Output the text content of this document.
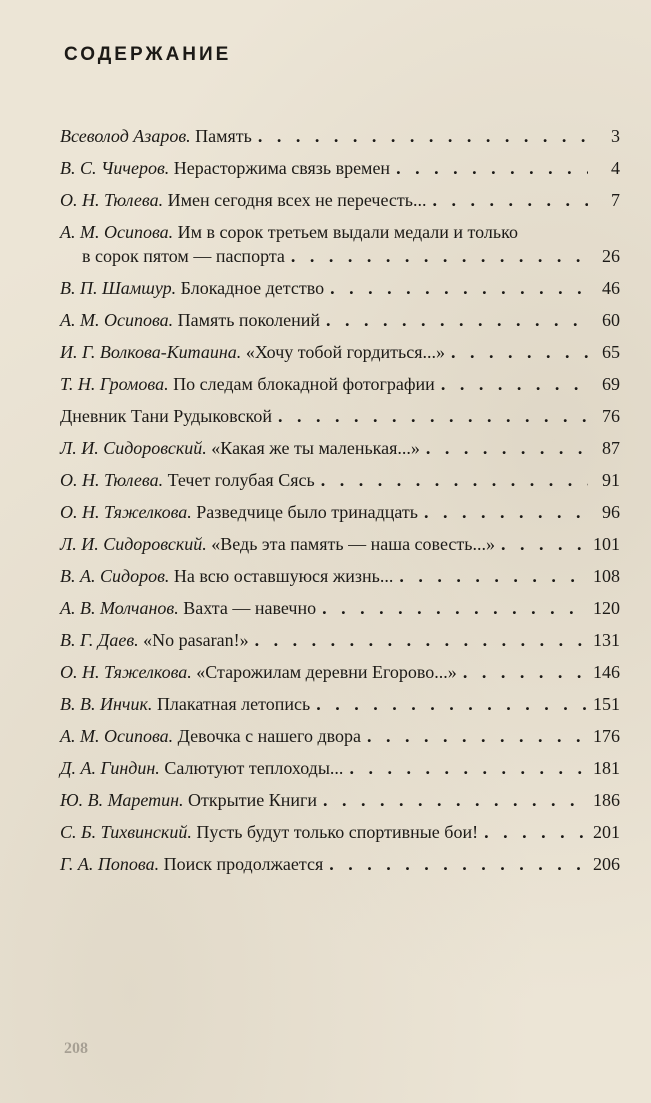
СОДЕРЖАНИЕ
Всеволод Азаров. Память . . .	3
В. С. Чичеров. Нерасторжима связь времен . . .	4
О. Н. Тюлева. Имен сегодня всех не перечесть... . . .	7
А. М. Осипова. Им в сорок третьем выдали медали и только
в сорок пятом — паспорта . . .	26
В. П. Шамшур. Блокадное детство . . .	46
А. М. Осипова. Память поколений . . .	60
И. Г. Волкова-Китаина. «Хочу тобой гордиться...» . . .	65
Т. Н. Громова. По следам блокадной фотографии . . .	69
Дневник Тани Рудыковской . . .	76
Л. И. Сидоровский. «Какая же ты маленькая...» . . .	87
О. Н. Тюлева. Течет голубая Сясь . . .	91
О. Н. Тяжелкова. Разведчице было тринадцать . . .	96
Л. И. Сидоровский. «Ведь эта память — наша совесть...» . . .	101
В. А. Сидоров. На всю оставшуюся жизнь... . . .	108
А. В. Молчанов. Вахта — навечно . . .	120
В. Г. Даев. «No pasaran!» . . .	131
О. Н. Тяжелкова. «Старожилам деревни Егорово...» . . .	146
В. В. Инчик. Плакатная летопись . . .	151
А. М. Осипова. Девочка с нашего двора . . .	176
Д. А. Гиндин. Салютуют теплоходы... . . .	181
Ю. В. Маретин. Открытие Книги . . .	186
С. Б. Тихвинский. Пусть будут только спортивные бои! . . .	201
Г. А. Попова. Поиск продолжается . . .	206
208
